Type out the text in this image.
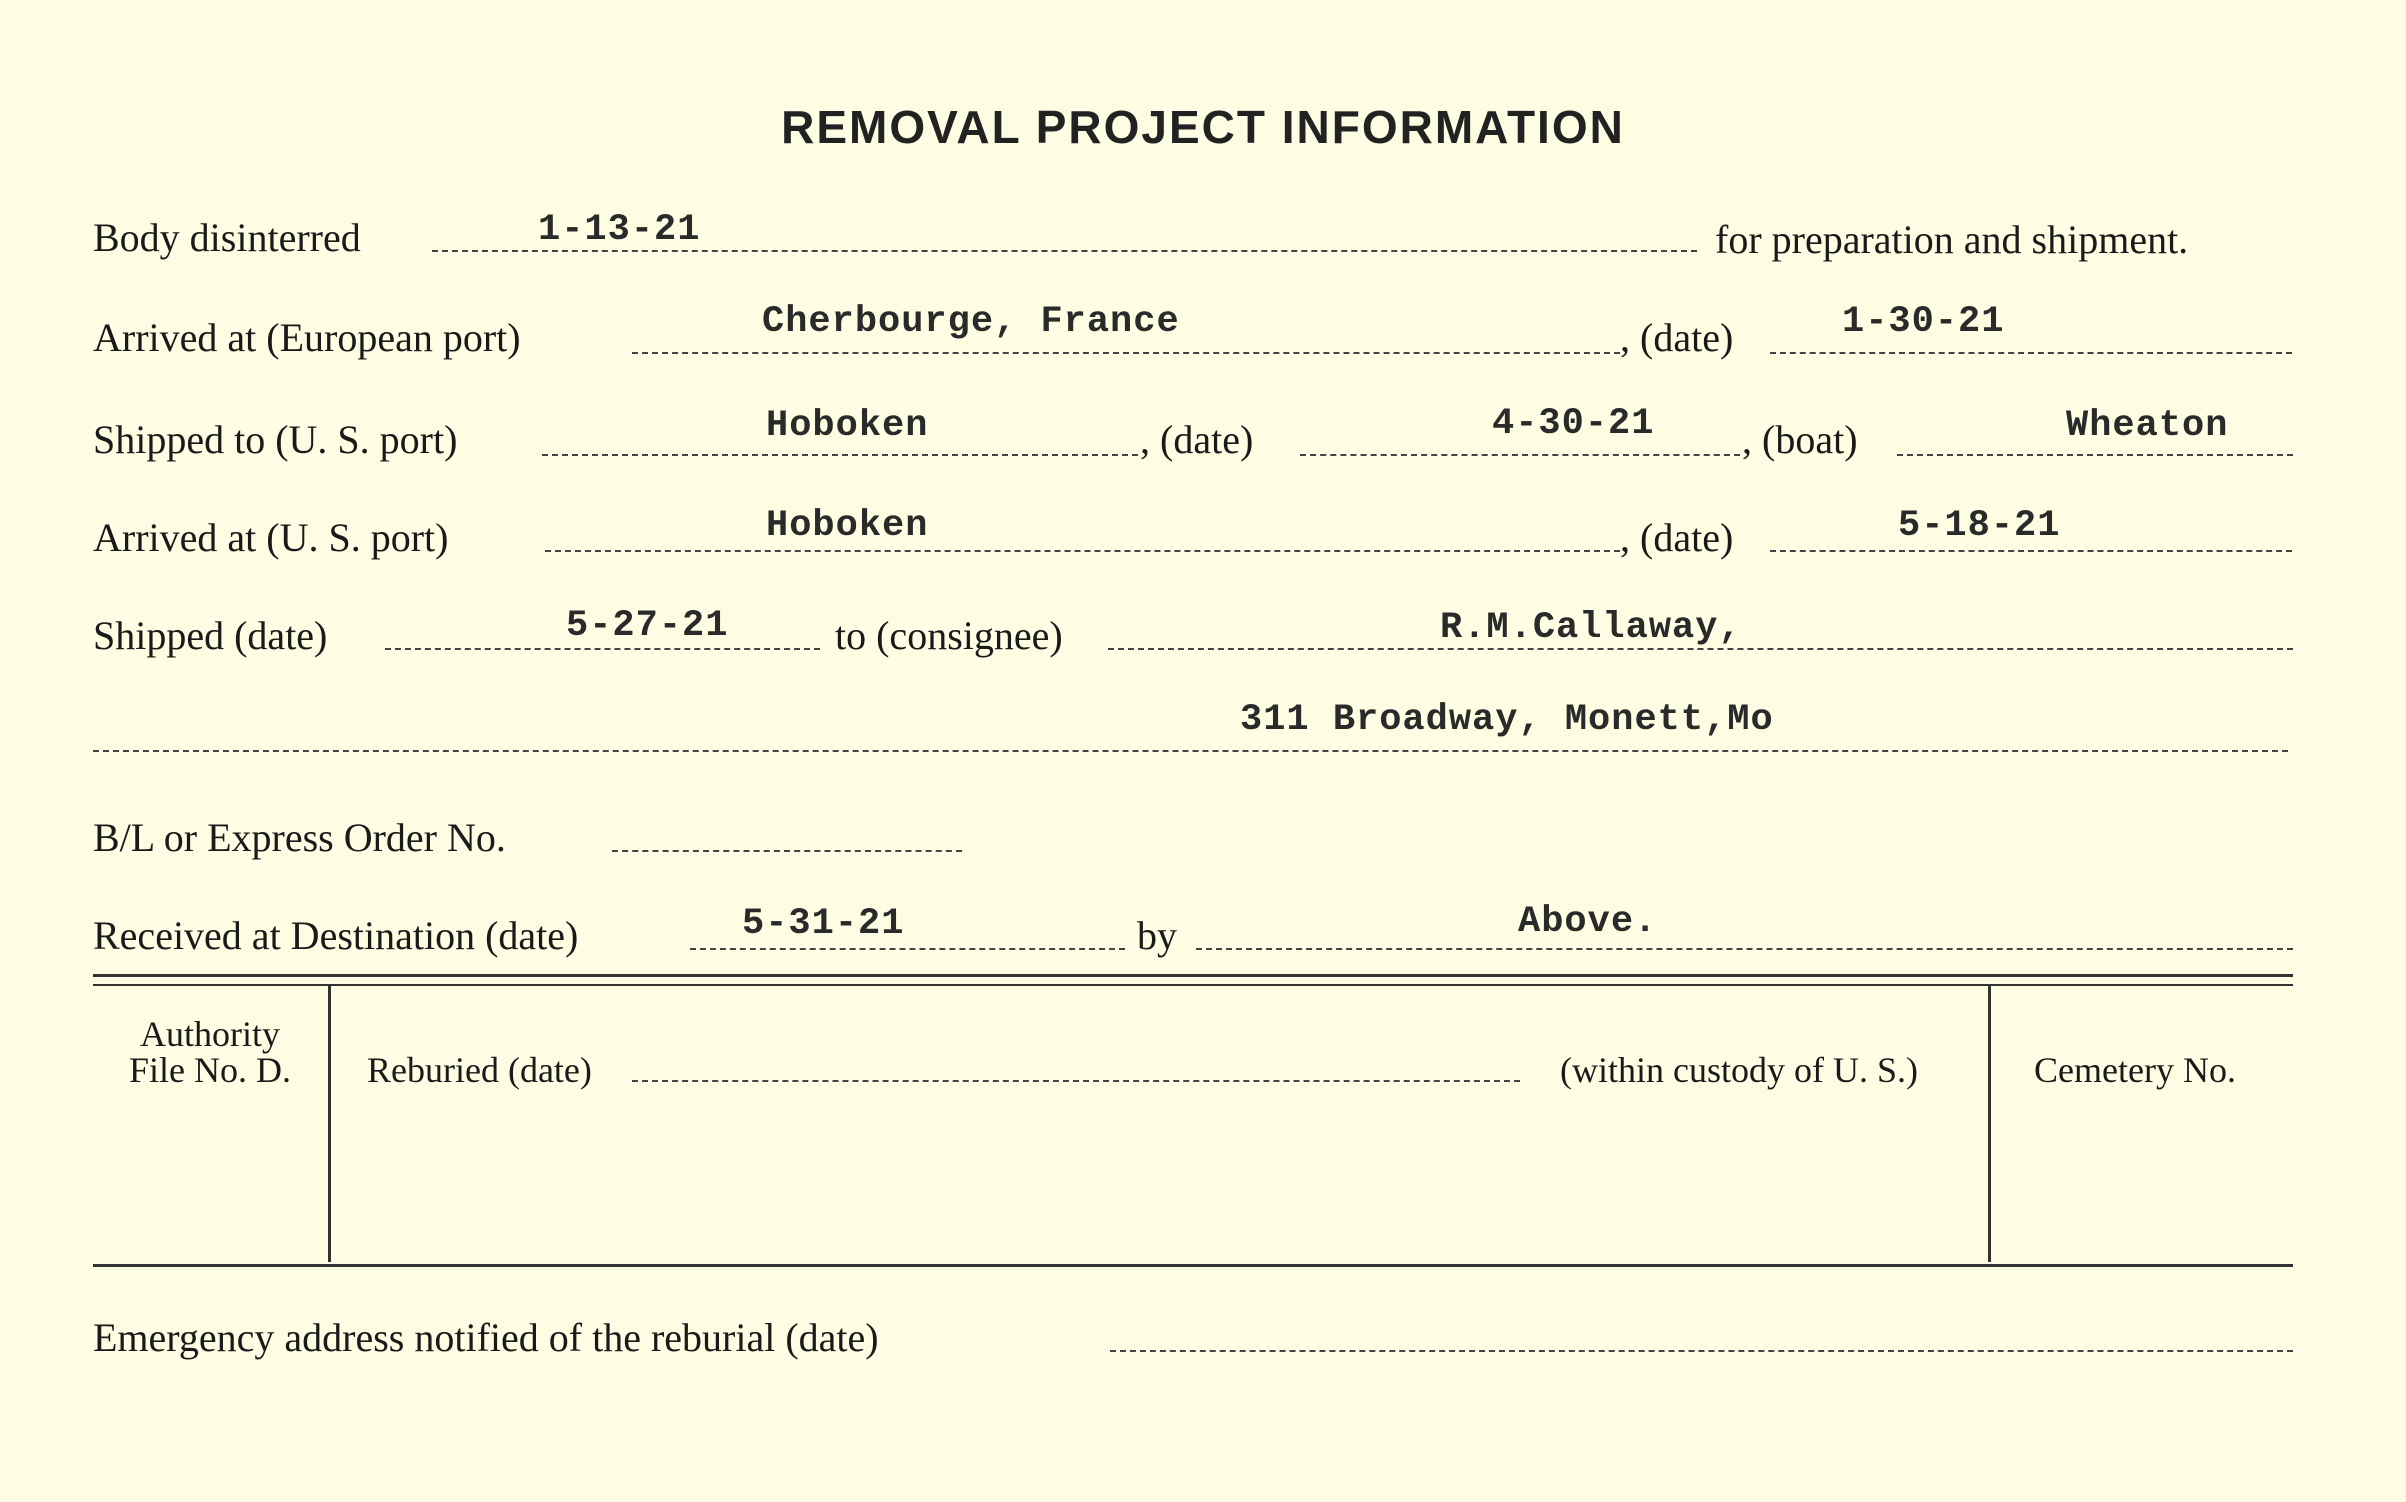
REMOVAL PROJECT INFORMATION
Body disinterred	1-13-21	for preparation and shipment.
Arrived at (European port)	Cherbourge, France	, (date)	1-30-21
Shipped to (U. S. port)	Hoboken	, (date)	4-30-21 , (boat)	Wheaton
Arrived at (U. S. port)	Hoboken	, (date)	5-18-21
Shipped (date)	5-27-21	to (consignee)	R.M.Callaway,
311 Broadway, Monett,Mo
B/L or Express Order No.
Received at Destination (date)	5-31-21	by	Above.
Authority
File No. D.	Reburied (date)	(within custody of U. S.)	Cemetery No.
Emergency address notified of the reburial (date)
